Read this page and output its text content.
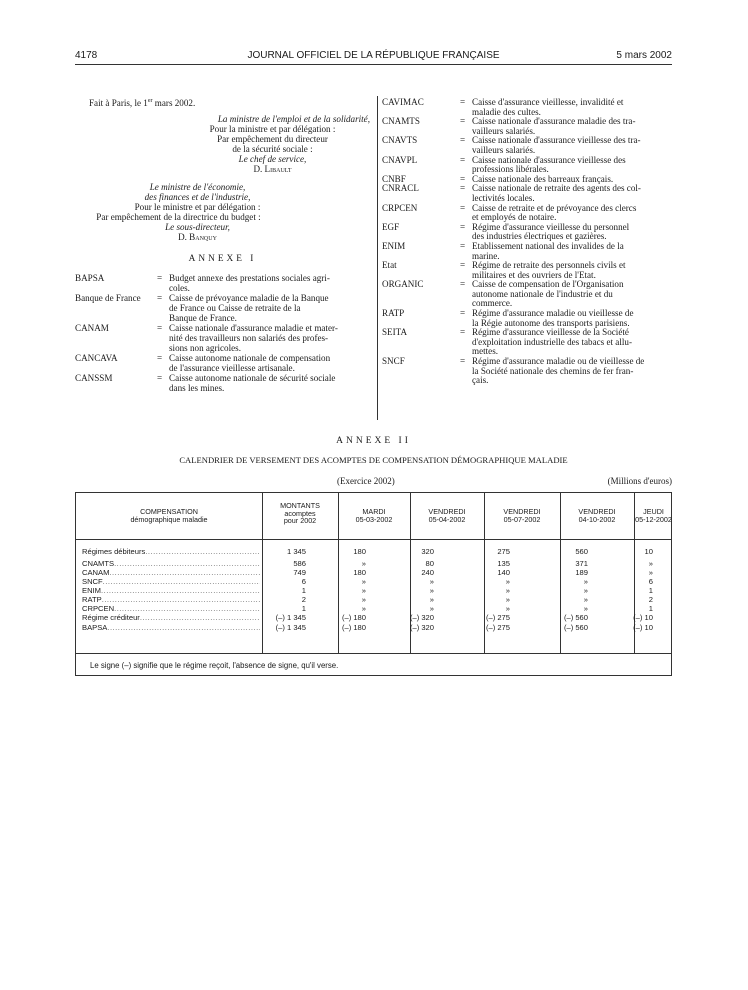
4178	JOURNAL OFFICIEL DE LA RÉPUBLIQUE FRANÇAISE	5 mars 2002
Fait à Paris, le 1er mars 2002.
La ministre de l'emploi et de la solidarité,
Pour la ministre et par délégation :
Par empêchement du directeur
de la sécurité sociale :
Le chef de service,
D. Libault
Le ministre de l'économie,
des finances et de l'industrie,
Pour le ministre et par délégation :
Par empêchement de la directrice du budget :
Le sous-directeur,
D. Banquy
ANNEXE I
BAPSA	= Budget annexe des prestations sociales agri-
coles.
Banque de France	= Caisse de prévoyance maladie de la Banque
de France ou Caisse de retraite de la
Banque de France.
CANAM	= Caisse nationale d'assurance maladie et mater-
nité des travailleurs non salariés des profes-
sions non agricoles.
CANCAVA	= Caisse autonome nationale de compensation
de l'assurance vieillesse artisanale.
CANSSM	= Caisse autonome nationale de sécurité sociale
dans les mines.
CAVIMAC	= Caisse d'assurance vieillesse, invalidité et
maladie des cultes.
CNAMTS	= Caisse nationale d'assurance maladie des tra-
vailleurs salariés.
CNAVTS	= Caisse nationale d'assurance vieillesse des tra-
vailleurs salariés.
CNAVPL	= Caisse nationale d'assurance vieillesse des
professions libérales.
CNBF	= Caisse nationale des barreaux français.
CNRACL	= Caisse nationale de retraite des agents des col-
lectivités locales.
CRPCEN	= Caisse de retraite et de prévoyance des clercs
et employés de notaire.
EGF	= Régime d'assurance vieillesse du personnel
des industries électriques et gazières.
ENIM	= Etablissement national des invalides de la
marine.
Etat	= Régime de retraite des personnels civils et
militaires et des ouvriers de l'Etat.
ORGANIC	= Caisse de compensation de l'Organisation
autonome nationale de l'industrie et du
commerce.
RATP	= Régime d'assurance maladie ou vieillesse de
la Régie autonome des transports parisiens.
SEITA	= Régime d'assurance vieillesse de la Société
d'exploitation industrielle des tabacs et allu-
mettes.
SNCF	= Régime d'assurance maladie ou de vieillesse de
la Société nationale des chemins de fer fran-
çais.
ANNEXE II
CALENDRIER DE VERSEMENT DES ACOMPTES DE COMPENSATION DÉMOGRAPHIQUE MALADIE
(Exercice 2002)	(Millions d'euros)
Le signe (–) signifie que le régime reçoit, l'absence de signe, qu'il verse.
COMPENSATION
démographique maladie
MONTANTS
acomptes
pour 2002
MARDI
05-03-2002
VENDREDI
05-04-2002
VENDREDI
05-07-2002
VENDREDI
04-10-2002
JEUDI
05-12-2002
Régimes débiteurs .....	1 345	180	320	275	560	10
CNAMTS .....	586	»	80	135	371	»
CANAM .....	749	180	240	140	189	»
SNCF .....	6	»	»	»	»	6
ENIM .....	1	»	»	»	»	1
RATP .....	2	»	»	»	»	2
CRPCEN .....	1	»	»	»	»	1
Régime créditeur .....	(–) 1 345	(–) 180	(–) 320	(–) 275	(–) 560	(–) 10
BAPSA .....	(–) 1 345	(–) 180	(–) 320	(–) 275	(–) 560	(–) 10
